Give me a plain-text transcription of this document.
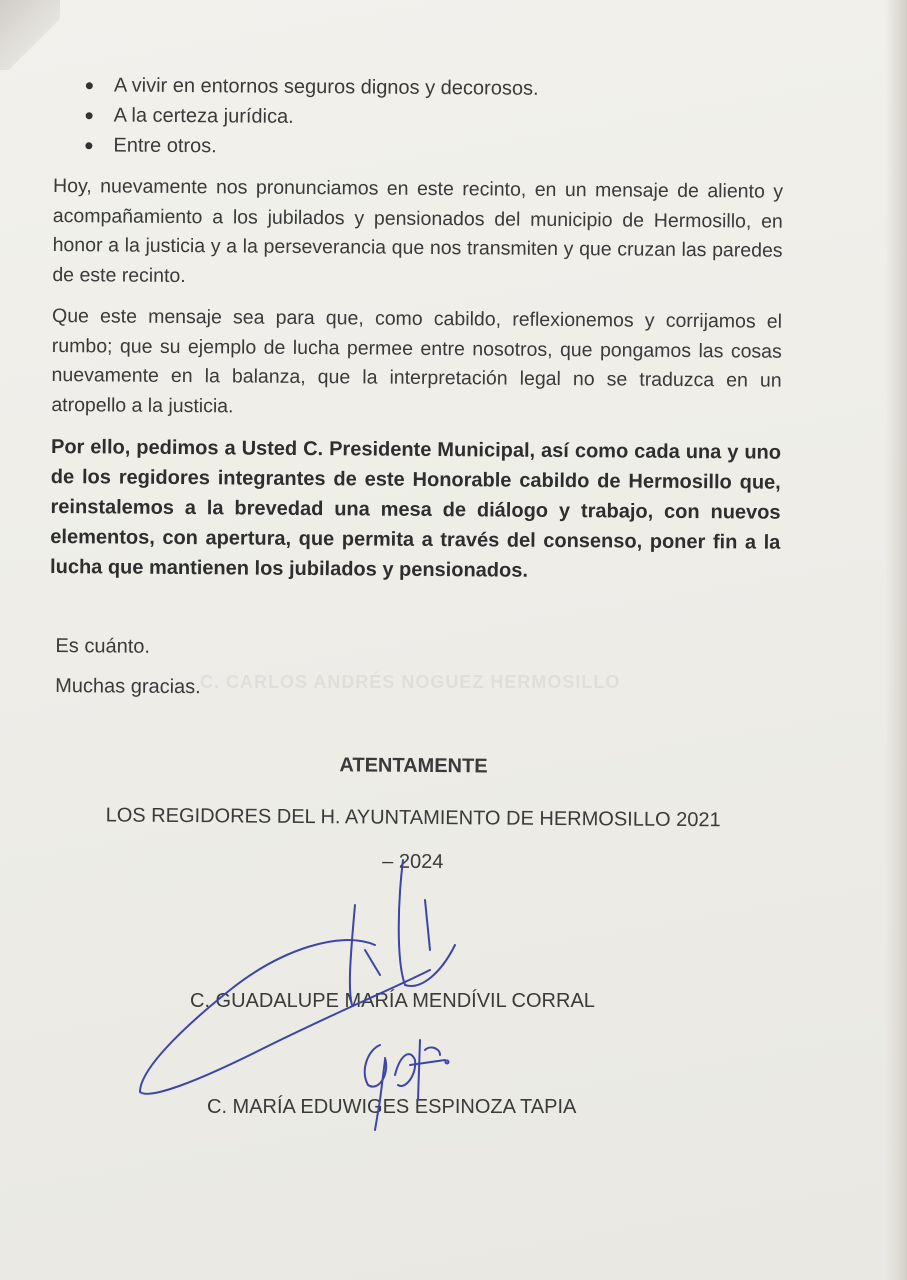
C. CARLOS ANDRÉS NOGUEZ HERMOSILLO
A vivir en entornos seguros dignos y decorosos.
A la certeza jurídica.
Entre otros.

Hoy, nuevamente nos pronunciamos en este recinto, en un mensaje de aliento y acompañamiento a los jubilados y pensionados del municipio de Hermosillo, en honor a la justicia y a la perseverancia que nos transmiten y que cruzan las paredes de este recinto.

Que este mensaje sea para que, como cabildo, reflexionemos y corrijamos el rumbo; que su ejemplo de lucha permee entre nosotros, que pongamos las cosas nuevamente en la balanza, que la interpretación legal no se traduzca en un atropello a la justicia.

Por ello, pedimos a Usted C. Presidente Municipal, así como cada una y uno de los regidores integrantes de este Honorable cabildo de Hermosillo que, reinstalemos a la brevedad una mesa de diálogo y trabajo, con nuevos elementos, con apertura, que permita a través del consenso, poner fin a la lucha que mantienen los jubilados y pensionados.

Es cuánto.
Muchas gracias.
ATENTAMENTE
LOS REGIDORES DEL H. AYUNTAMIENTO DE HERMOSILLO 2021
– 2024
C. GUADALUPE MARÍA MENDÍVIL CORRAL
C. MARÍA EDUWIGES ESPINOZA TAPIA
